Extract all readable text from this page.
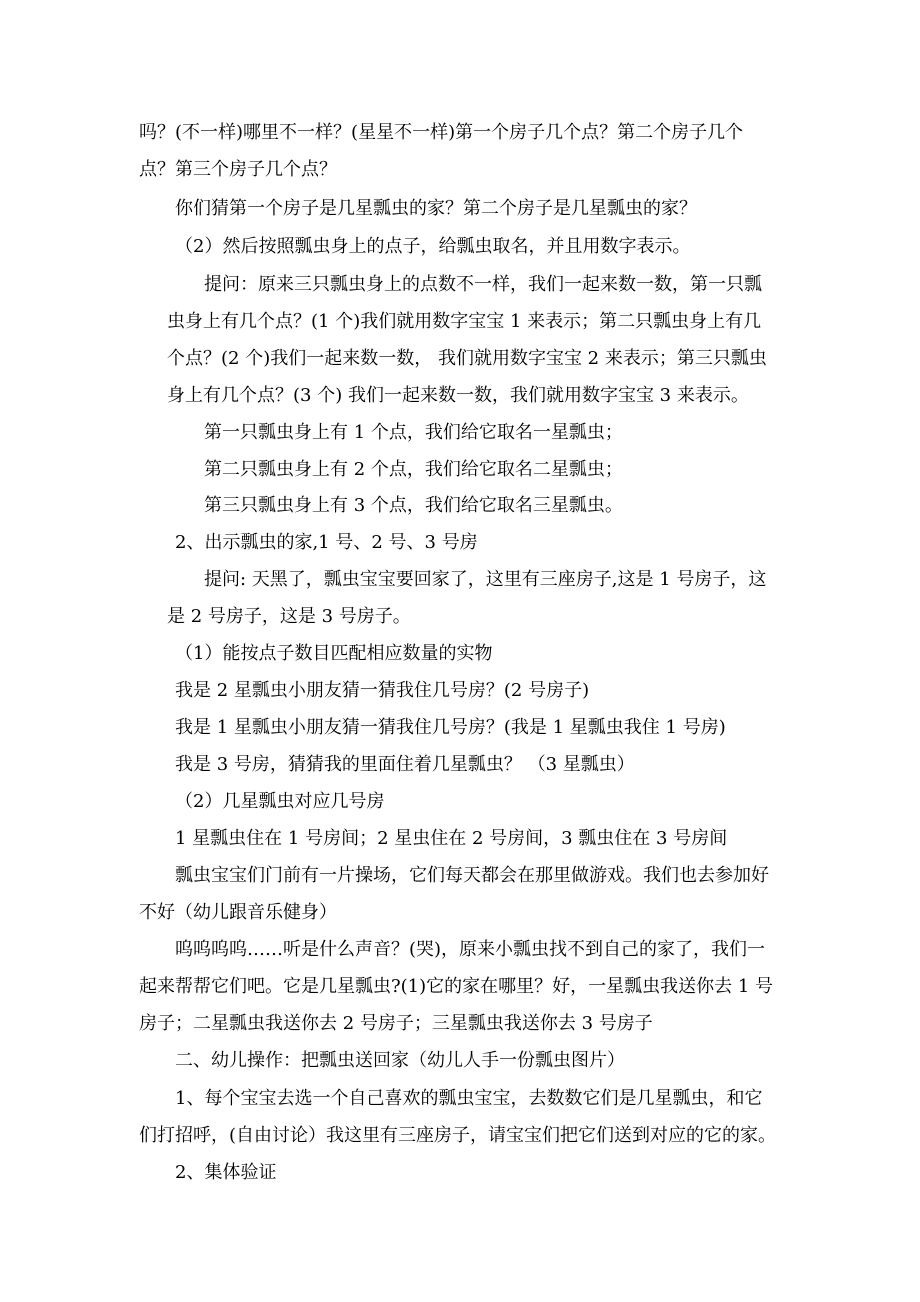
吗？(不一样)哪里不一样？(星星不一样)第一个房子几个点？第二个房子几个
点？第三个房子几个点？
你们猜第一个房子是几星瓢虫的家？第二个房子是几星瓢虫的家？
（2）然后按照瓢虫身上的点子，给瓢虫取名，并且用数字表示。
提问：原来三只瓢虫身上的点数不一样，我们一起来数一数，第一只瓢
虫身上有几个点？(1 个)我们就用数字宝宝 1 来表示；第二只瓢虫身上有几
个点？(2 个)我们一起来数一数， 我们就用数字宝宝 2 来表示；第三只瓢虫
身上有几个点？(3 个) 我们一起来数一数，我们就用数字宝宝 3 来表示。
第一只瓢虫身上有 1 个点，我们给它取名一星瓢虫；
第二只瓢虫身上有 2 个点，我们给它取名二星瓢虫；
第三只瓢虫身上有 3 个点，我们给它取名三星瓢虫。
2、出示瓢虫的家,1 号、2 号、3 号房
提问: 天黑了，瓢虫宝宝要回家了，这里有三座房子,这是 1 号房子，这
是 2 号房子，这是 3 号房子。
（1）能按点子数目匹配相应数量的实物
我是 2 星瓢虫小朋友猜一猜我住几号房？(2 号房子)
我是 1 星瓢虫小朋友猜一猜我住几号房？(我是 1 星瓢虫我住 1 号房)
我是 3 号房，猜猜我的里面住着几星瓢虫？ （3 星瓢虫）
（2）几星瓢虫对应几号房
1 星瓢虫住在 1 号房间；2 星虫住在 2 号房间，3 瓢虫住在 3 号房间
瓢虫宝宝们门前有一片操场，它们每天都会在那里做游戏。我们也去参加好
不好（幼儿跟音乐健身）
呜呜呜呜……听是什么声音？(哭)，原来小瓢虫找不到自己的家了，我们一
起来帮帮它们吧。它是几星瓢虫?(1)它的家在哪里？好，一星瓢虫我送你去 1 号
房子；二星瓢虫我送你去 2 号房子；三星瓢虫我送你去 3 号房子
二、幼儿操作：把瓢虫送回家（幼儿人手一份瓢虫图片）
1、每个宝宝去选一个自己喜欢的瓢虫宝宝，去数数它们是几星瓢虫，和它
们打招呼，(自由讨论）我这里有三座房子，请宝宝们把它们送到对应的它的家。
2、集体验证
